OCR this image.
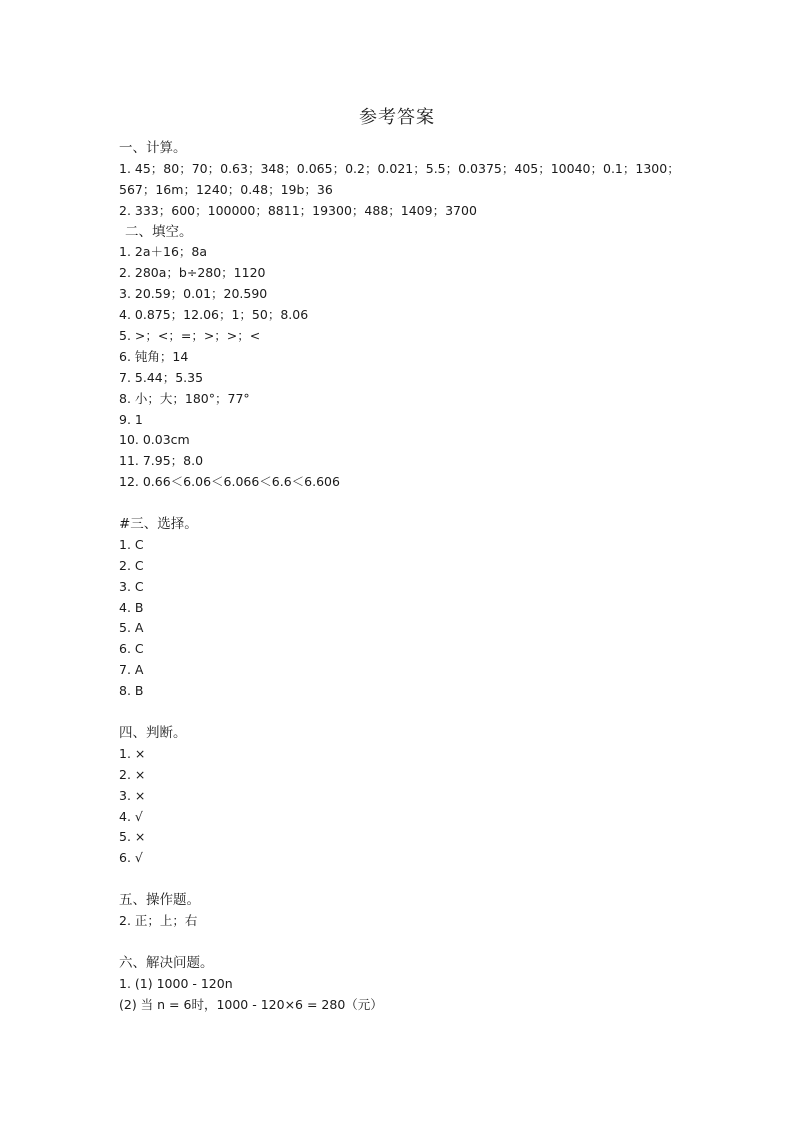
参考答案
一、计算。
1. 45；80；70；0.63；348；0.065；0.2；0.021；5.5；0.0375；405；10040；0.1；1300；
567；16m；1240；0.48；19b；36
2. 333；600；100000；8811；19300；488；1409；3700
二、填空。
1. 2a＋16；8a
2. 280a；b÷280；1120
3. 20.59；0.01；20.590
4. 0.875；12.06；1；50；8.06
5. >；<；=；>；>；<
6. 钝角；14
7. 5.44；5.35
8. 小；大；180°；77°
9. 1
10. 0.03cm
11. 7.95；8.0
12. 0.66＜6.06＜6.066＜6.6＜6.606
#三、选择。
1. C
2. C
3. C
4. B
5. A
6. C
7. A
8. B
四、判断。
1. ×
2. ×
3. ×
4. √
5. ×
6. √
五、操作题。
2. 正；上；右
六、解决问题。
1. (1) 1000 - 120n
(2) 当 n = 6时，1000 - 120×6 = 280（元）
